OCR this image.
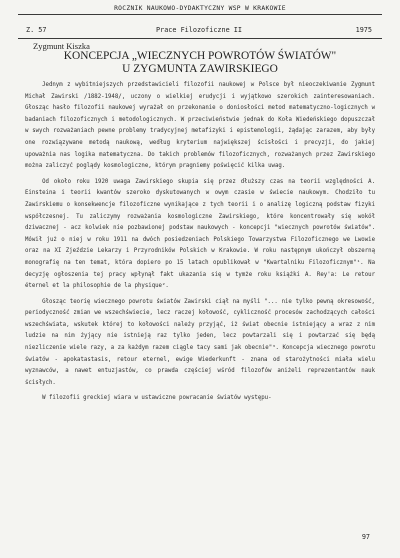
ROCZNIK NAUKOWO-DYDAKTYCZNY WSP W KRAKOWIE
Z. 57	Prace Filozoficzne II	1975
Zygmunt Kiszka
KONCEPCJA „WIECZNYCH POWROTÓW ŚWIATÓW"
U ZYGMUNTA ZAWIRSKIEGO

Jednym z wybitniejszych przedstawicieli filozofii naukowej w Polsce był nieoczekiwanie Zygmunt Michał Zawirski /1882-1948/, uczony o wielkiej erudycji i wyjątkowo szerokich zainteresowaniach. Głosząc hasło filozofii naukowej wyrażał on przekonanie o doniosłości metod matematyczno-logicznych w badaniach filozoficznych i metodologicznych. W przeciwieństwie jednak do Koła Wiedeńskiego dopuszczał w swych rozważaniach pewne problemy tradycyjnej metafizyki i epistemologii, żądając zarazem, aby były one rozwiązywane metodą naukową, według kryterium największej ścisłości i precyzji, do jakiej upoważnia nas logika matematyczna. Do takich problemów filozoficznych, rozważanych przez Zawirskiego można zaliczyć poglądy kosmologiczne, którym pragniemy poświęcić kilka uwag.

Od około roku 1920 uwaga Zawirskiego skupia się przez dłuższy czas na teorii względności A. Einsteina i teorii kwantów szeroko dyskutowanych w owym czasie w świecie naukowym. Chodziło tu Zawirskiemu o konsekwencje filozoficzne wynikające z tych teorii i o analizę logiczną podstaw fizyki współczesnej. Tu zaliczymy rozważania kosmologiczne Zawirskiego, które koncentrowały się wokół dziwacznej - acz kolwiek nie pozbawionej podstaw naukowych - koncepcji "wiecznych powrotów światów". Mówił już o niej w roku 1911 na dwóch posiedzeniach Polskiego Towarzystwa Filozoficznego we Lwowie oraz na XI Zjeździe Lekarzy i Przyrodników Polskich w Krakowie. W roku następnym ukończył obszerną monografię na ten temat, która dopiero po 15 latach opublikował w "Kwartalniku Filozoficznym"¹. Na decyzję ogłoszenia tej pracy wpłynął fakt ukazania się w tymże roku książki A. Rey'a: Le retour éternel et la philosophie de la physique².

Głosząc teorię wiecznego powrotu światów Zawirski ciął na myśli "... nie tylko pewną okresowość, periodyczność zmian we wszechświecie, lecz raczej kołowość, cykliczność procesów zachodzących całości wszechświata, wskutek której to kołowości należy przyjąć, iż świat obecnie istniejący a wraz z nim ludzie na nim żyjący nie istnieją raz tylko jeden, lecz powtarzali się i powtarzać się będą niezliczenie wiele razy, a za każdym razem ciągle tacy sami jak obecnie"³. Koncepcja wiecznego powrotu światów - apokatastasis, retour eternel, ewige Wiederkunft - znana od starożytności miała wielu wyznawców, a nawet entuzjastów, co prawda częściej wśród filozofów aniżeli reprezentantów nauk ścisłych.

W filozofii greckiej wiara w ustawiczne powracanie światów występu-

97
